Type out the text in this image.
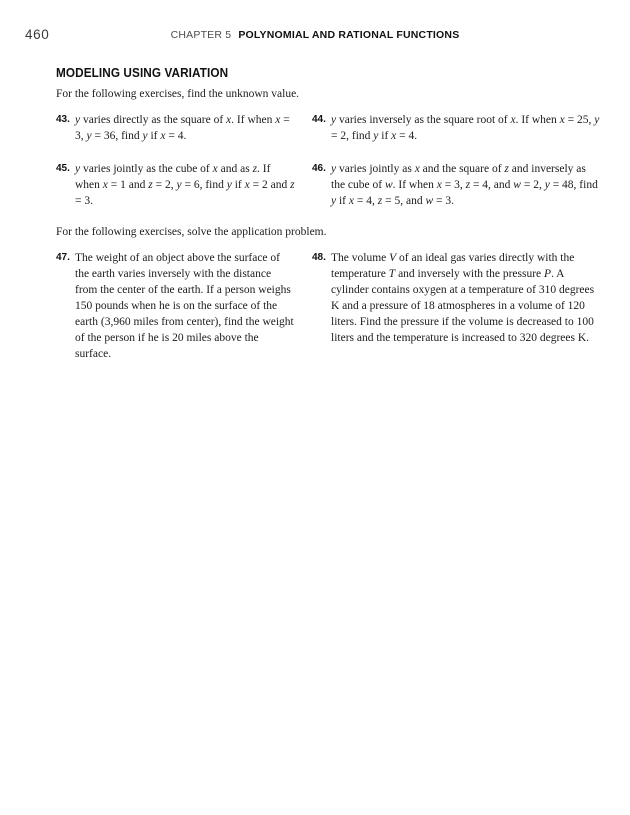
460	CHAPTER 5 POLYNOMIAL AND RATIONAL FUNCTIONS
MODELING USING VARIATION

For the following exercises, find the unknown value.

43. y varies directly as the square of x. If when x = 3, y = 36, find y if x = 4.
44. y varies inversely as the square root of x. If when x = 25, y = 2, find y if x = 4.
45. y varies jointly as the cube of x and as z. If when x = 1 and z = 2, y = 6, find y if x = 2 and z = 3.
46. y varies jointly as x and the square of z and inversely as the cube of w. If when x = 3, z = 4, and w = 2, y = 48, find y if x = 4, z = 5, and w = 3.

For the following exercises, solve the application problem.

47. The weight of an object above the surface of the earth varies inversely with the distance from the center of the earth. If a person weighs 150 pounds when he is on the surface of the earth (3,960 miles from center), find the weight of the person if he is 20 miles above the surface.
48. The volume V of an ideal gas varies directly with the temperature T and inversely with the pressure P. A cylinder contains oxygen at a temperature of 310 degrees K and a pressure of 18 atmospheres in a volume of 120 liters. Find the pressure if the volume is decreased to 100 liters and the temperature is increased to 320 degrees K.
